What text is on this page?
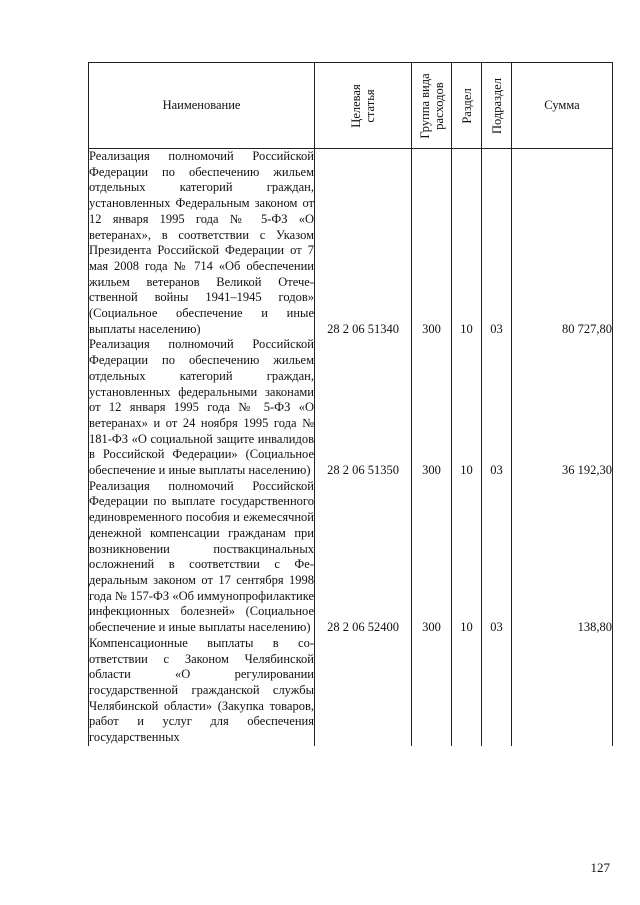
Наименование	Целевая статья	Группа вида расходов	Раздел	Подраздел	Сумма
Реализация полномочий Российской Федерации по обеспечению жильем отдельных категорий граждан, установленных Федеральным законом от 12 января 1995 года № 5-ФЗ «О ветеранах», в соответствии с Указом Президента Российской Федерации от 7 мая 2008 года № 714 «Об обеспечении жильем ветеранов Великой Отечественной войны 1941–1945 годов» (Социальное обеспечение и иные выплаты населению)	28 2 06 51340	300	10	03	80 727,80
Реализация полномочий Российской Федерации по обеспечению жильем отдельных категорий граждан, установленных федеральными законами от 12 января 1995 года № 5-ФЗ «О ветеранах» и от 24 ноября 1995 года № 181-ФЗ «О социальной защите инвалидов в Российской Федерации» (Социальное обеспечение и иные выплаты населению)	28 2 06 51350	300	10	03	36 192,30
Реализация полномочий Российской Федерации по выплате государственного единовременного пособия и ежемесячной денежной компенсации гражданам при возникновении поствакцинальных осложнений в соответствии с Федеральным законом от 17 сентября 1998 года № 157-ФЗ «Об иммунопрофилактике инфекционных болезней» (Социальное обеспечение и иные выплаты населению)	28 2 06 52400	300	10	03	138,80
Компенсационные выплаты в соответствии с Законом Челябинской области «О регулировании государственной гражданской службы Челябинской области» (Закупка товаров, работ и услуг для обеспечения государственных					
127
